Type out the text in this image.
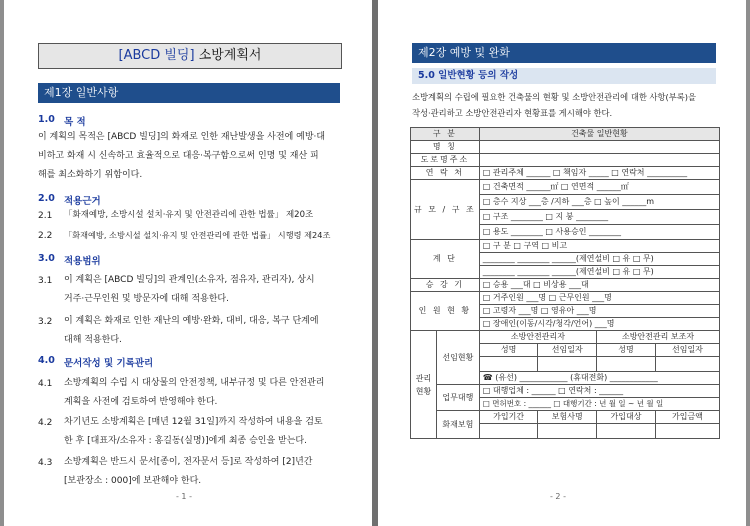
[ABCD 빌딩] 소방계획서
제1장 일반사항
1.0 목 적
이 계획의 목적은 [ABCD 빌딩]의 화재로 인한 재난발생을 사전에 예방·대
비하고 화재 시 신속하고 효율적으로 대응·복구함으로써 인명 및 재산 피
해를 최소화하기 위함이다.
2.0 적용근거
2.1 「화재예방, 소방시설 설치·유지 및 안전관리에 관한 법률」 제20조
2.2 「화재예방, 소방시설 설치·유지 및 안전관리에 관한 법률」 시행령 제24조
3.0 적용범위
3.1 이 계획은 [ABCD 빌딩]의 관계인(소유자, 점유자, 관리자), 상시
거주·근무인원 및 방문자에 대해 적용한다.
3.2 이 계획은 화재로 인한 재난의 예방·완화, 대비, 대응, 복구 단계에
대해 적용한다.
4.0 문서작성 및 기록관리
4.1 소방계획의 수립 시 대상물의 안전정책, 내부규정 및 다른 안전관리
계획을 사전에 검토하여 반영해야 한다.
4.2 차기년도 소방계획은 [매년 12월 31일]까지 작성하여 내용을 검토
한 후 [대표자/소유자 : 홍길동(실명)]에게 최종 승인을 받는다.
4.3 소방계획은 반드시 문서[종이, 전자문서 등]로 작성하여 [2]년간
[보관장소 : 000]에 보관해야 한다.
- 1 -
제2장 예방 및 완화
5.0 일반현황 등의 작성
소방계획의 수립에 필요한 건축물의 현황 및 소방안전관리에 대한 사항(부록)을
작성·관리하고 소방안전관리자 현황표를 게시해야 한다.
구 분		건축물 일반현황			
명 칭					
도로명주소					
연 락 처		□ 관리주체 ______ □ 책임자 _____ □ 연락처 __________			
규 모 / 구 조		□ 건축면적 ______㎡ □ 연면적 ______㎡			
		□ 층수 지상 ___층 /지하 ___층 □ 높이 ______m			
		□ 구조 ________ □ 지 붕 ________			
		□ 용도 ________ □ 사용승인 ________			
계 단		□ 구 분 □ 구역 □ 비고			
		________ ________ ______(제연설비 □ 유 □ 무)			
		________ ________ ______(제연설비 □ 유 □ 무)			
승 강 기		□ 승용 ___대 □ 비상용 ___대			
인 원 현 황		□ 거주인원 ___명 □ 근무인원 ___명			
		□ 고령자 ___명 □ 영유아 ___명			
		□ 장애인(이동/시각/청각/언어) ___명			
관리현황	선임현황	소방안전관리자		소방안전관리 보조자	
		성명	선임일자	성명	선임일자

		☎ (유선) ____________ (휴대전화) ____________			
	업무대행	□ 대행업체 : ______ □ 연락처 : ______			
		□ 면허번호 : ______ □ 대행기간 : 년 월 일 ~ 년 월 일			
	화재보험	가입기간	보험사명	가입대상	가입금액

- 2 -
